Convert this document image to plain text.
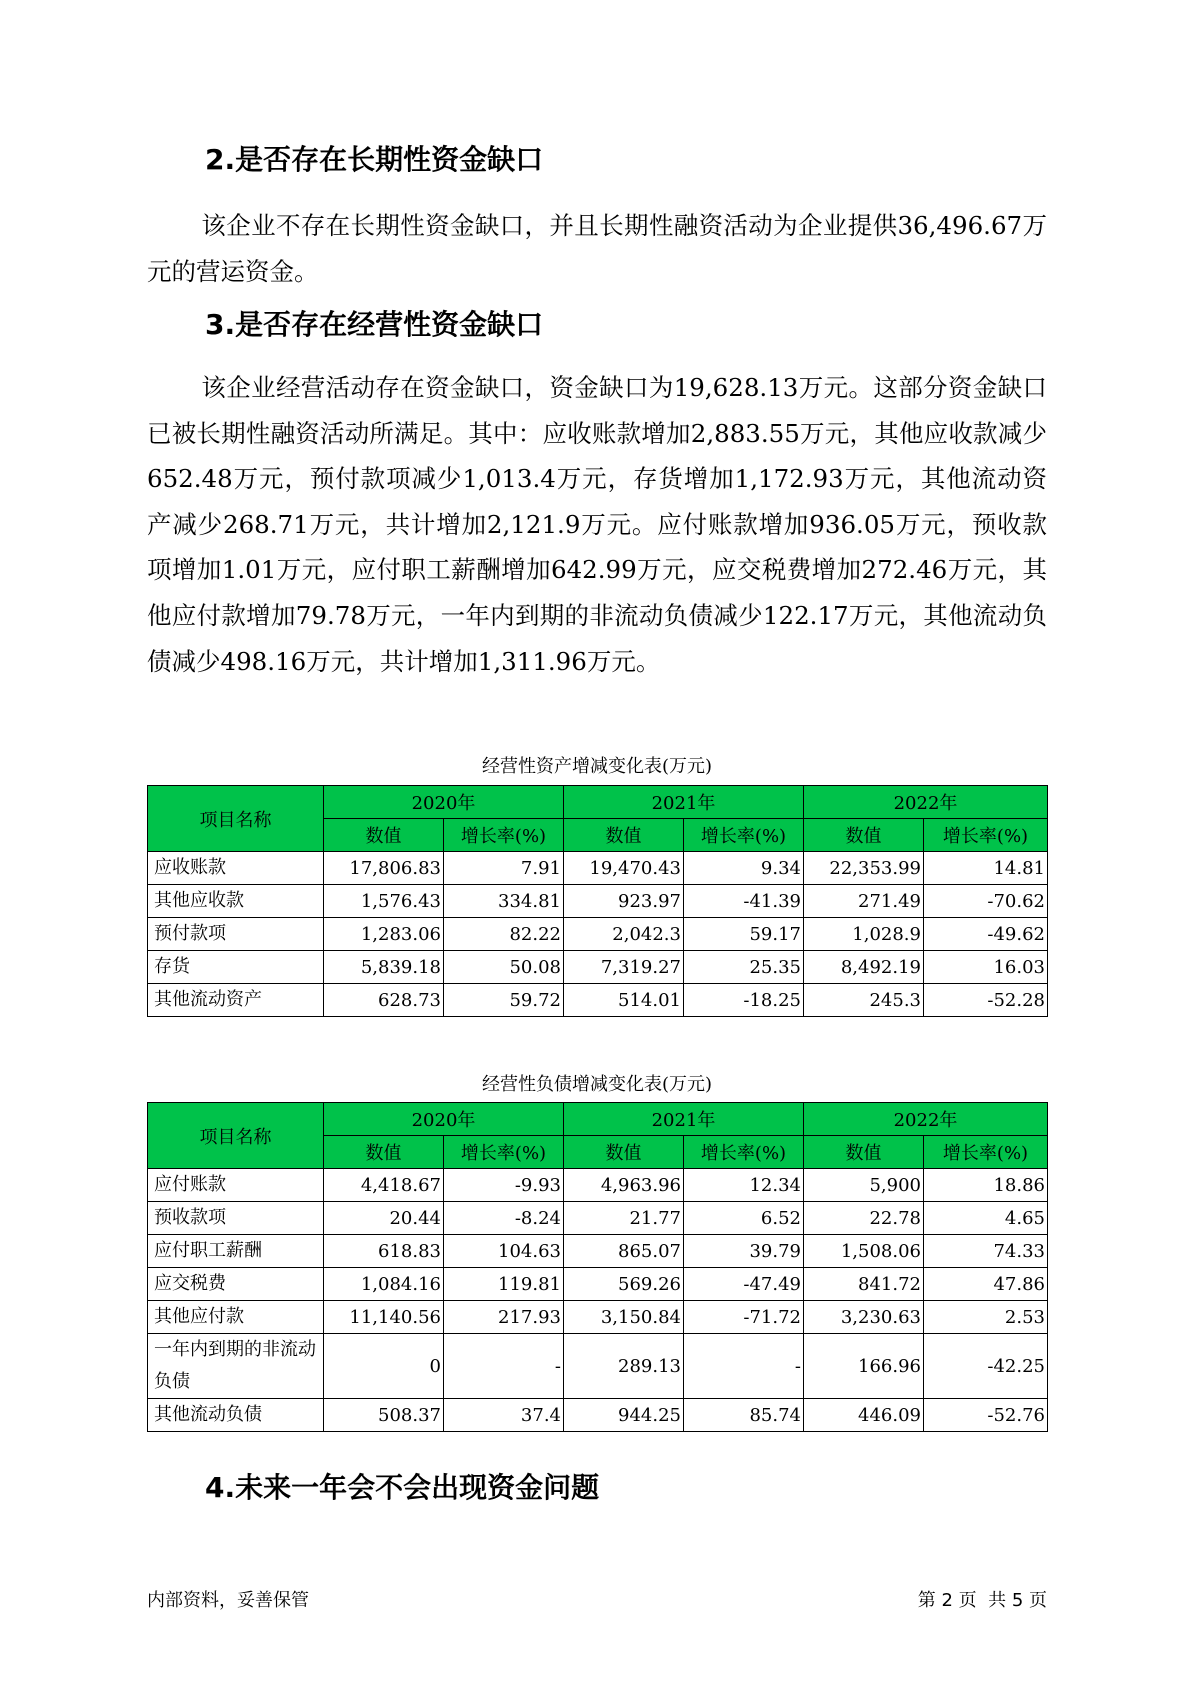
2.是否存在长期性资金缺口

该企业不存在长期性资金缺口，并且长期性融资活动为企业提供36,496.67万元的营运资金。

3.是否存在经营性资金缺口

该企业经营活动存在资金缺口，资金缺口为19,628.13万元。这部分资金缺口已被长期性融资活动所满足。其中：应收账款增加2,883.55万元，其他应收款减少652.48万元，预付款项减少1,013.4万元，存货增加1,172.93万元，其他流动资产减少268.71万元，共计增加2,121.9万元。应付账款增加936.05万元，预收款项增加1.01万元，应付职工薪酬增加642.99万元，应交税费增加272.46万元，其他应付款增加79.78万元，一年内到期的非流动负债减少122.17万元，其他流动负债减少498.16万元，共计增加1,311.96万元。

经营性资产增减变化表(万元)
项目名称	2020年		2021年		2022年	
	数值	增长率(%)	数值	增长率(%)	数值	增长率(%)
应收账款	17,806.83	7.91	19,470.43	9.34	22,353.99	14.81
其他应收款	1,576.43	334.81	923.97	-41.39	271.49	-70.62
预付款项	1,283.06	82.22	2,042.3	59.17	1,028.9	-49.62
存货	5,839.18	50.08	7,319.27	25.35	8,492.19	16.03
其他流动资产	628.73	59.72	514.01	-18.25	245.3	-52.28
经营性负债增减变化表(万元)
项目名称	2020年		2021年		2022年	
	数值	增长率(%)	数值	增长率(%)	数值	增长率(%)
应付账款	4,418.67	-9.93	4,963.96	12.34	5,900	18.86
预收款项	20.44	-8.24	21.77	6.52	22.78	4.65
应付职工薪酬	618.83	104.63	865.07	39.79	1,508.06	74.33
应交税费	1,084.16	119.81	569.26	-47.49	841.72	47.86
其他应付款	11,140.56	217.93	3,150.84	-71.72	3,230.63	2.53
一年内到期的非流动负债	0	-	289.13	-	166.96	-42.25
其他流动负债	508.37	37.4	944.25	85.74	446.09	-52.76
4.未来一年会不会出现资金问题
内部资料，妥善保管	第 2 页  共 5 页
